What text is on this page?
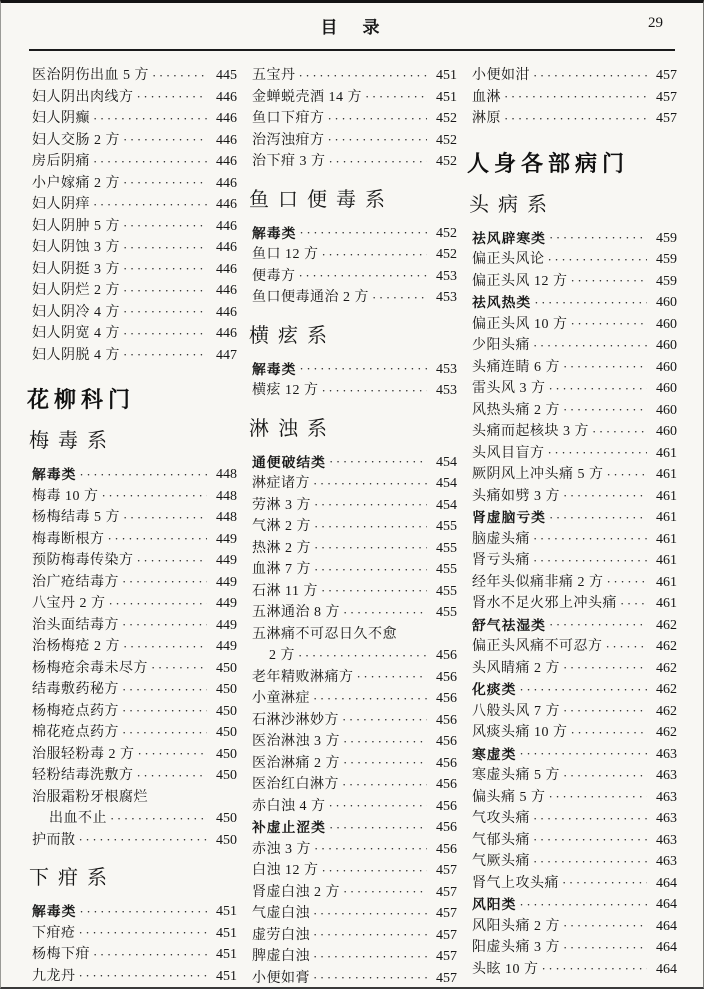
目　录	29
医治阴伤出血 5 方 ·····	445
妇人阴出肉线方 ·····	446
妇人阴癫 ·····	446
妇人交肠 2 方 ·····	446
房后阴痛 ·····	446
小户嫁痛 2 方 ·····	446
妇人阴痒 ·····	446
妇人阴肿 5 方 ·····	446
妇人阴蚀 3 方 ·····	446
妇人阴挺 3 方 ·····	446
妇人阴烂 2 方 ·····	446
妇人阴冷 4 方 ·····	446
妇人阴宽 4 方 ·····	446
妇人阴脱 4 方 ·····	447
花柳科门
梅毒系
解毒类 ·····	448
梅毒 10 方 ·····	448
杨梅结毒 5 方 ·····	448
梅毒断根方 ·····	449
预防梅毒传染方 ·····	449
治广疮结毒方 ·····	449
八宝丹 2 方 ·····	449
治头面结毒方 ·····	449
治杨梅疮 2 方 ·····	449
杨梅疮余毒未尽方 ·····	450
结毒敷药秘方 ·····	450
杨梅疮点药方 ·····	450
棉花疮点药方 ·····	450
治服轻粉毒 2 方 ·····	450
轻粉结毒洗敷方 ·····	450
治服霜粉牙根腐烂
出血不止 ·····	450
护而散 ·····	450
下疳系
解毒类 ·····	451
下疳疮 ·····	451
杨梅下疳 ·····	451
九龙丹 ·····	451
五宝丹 ·····	451
金蝉蜕壳酒 14 方 ·····	451
鱼口下疳方 ·····	452
治泻浊疳方 ·····	452
治下疳 3 方 ·····	452
鱼口便毒系
解毒类 ·····	452
鱼口 12 方 ·····	452
便毒方 ·····	453
鱼口便毒通治 2 方 ·····	453
横痃系
解毒类 ·····	453
横痃 12 方 ·····	453
淋浊系
通便破结类 ·····	454
淋症诸方 ·····	454
劳淋 3 方 ·····	454
气淋 2 方 ·····	455
热淋 2 方 ·····	455
血淋 7 方 ·····	455
石淋 11 方 ·····	455
五淋通治 8 方 ·····	455
五淋痛不可忍日久不愈
2 方 ·····	456
老年精败淋痛方 ·····	456
小童淋症 ·····	456
石淋沙淋妙方 ·····	456
医治淋浊 3 方 ·····	456
医治淋痛 2 方 ·····	456
医治红白淋方 ·····	456
赤白浊 4 方 ·····	456
补虚止涩类 ·····	456
赤浊 3 方 ·····	456
白浊 12 方 ·····	457
肾虚白浊 2 方 ·····	457
气虚白浊 ·····	457
虚劳白浊 ·····	457
脾虚白浊 ·····	457
小便如膏 ·····	457
小便如泔 ·····	457
血淋 ·····	457
淋原 ·····	457
人身各部病门
头病系
祛风辟寒类 ·····	459
偏正头风论 ·····	459
偏正头风 12 方 ·····	459
祛风热类 ·····	460
偏正头风 10 方 ·····	460
少阳头痛 ·····	460
头痛连睛 6 方 ·····	460
雷头风 3 方 ·····	460
风热头痛 2 方 ·····	460
头痛而起核块 3 方 ·····	460
头风目盲方 ·····	461
厥阴风上冲头痛 5 方 ·····	461
头痛如劈 3 方 ·····	461
肾虚脑亏类 ·····	461
脑虚头痛 ·····	461
肾亏头痛 ·····	461
经年头似痛非痛 2 方 ·····	461
肾水不足火邪上冲头痛 ·····	461
舒气祛湿类 ·····	462
偏正头风痛不可忍方 ·····	462
头风睛痛 2 方 ·····	462
化痰类 ·····	462
八般头风 7 方 ·····	462
风痰头痛 10 方 ·····	462
寒虚类 ·····	463
寒虚头痛 5 方 ·····	463
偏头痛 5 方 ·····	463
气攻头痛 ·····	463
气郁头痛 ·····	463
气厥头痛 ·····	463
肾气上攻头痛 ·····	464
风阳类 ·····	464
风阳头痛 2 方 ·····	464
阳虚头痛 3 方 ·····	464
头眩 10 方 ·····	464
